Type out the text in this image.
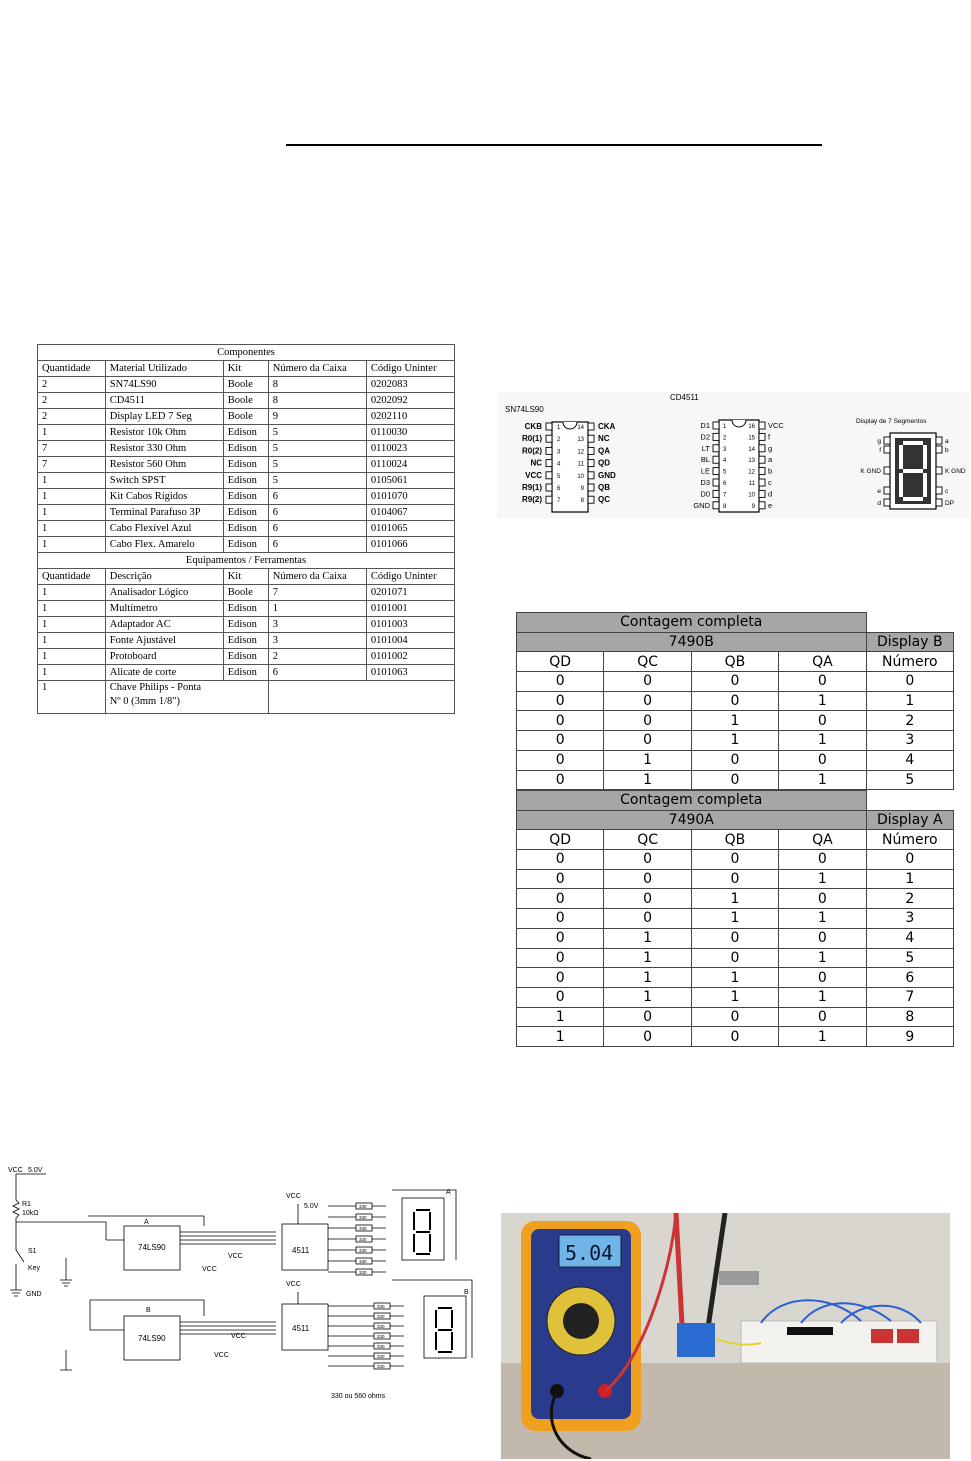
Componentes				
Quantidade	Material Utilizado	Kit	Número da Caixa	Código Uninter
2	SN74LS90	Boole	8	0202083
2	CD4511	Boole	8	0202092
2	Display LED 7 Seg	Boole	9	0202110
1	Resistor 10k Ohm	Edison	5	0110030
7	Resistor 330 Ohm	Edison	5	0110023
7	Resistor 560 Ohm	Edison	5	0110024
1	Switch SPST	Edison	5	0105061
1	Kit Cabos Rígidos	Edison	6	0101070
1	Terminal Parafuso 3P	Edison	6	0104067
1	Cabo Flexível Azul	Edison	6	0101065
1	Cabo Flex. Amarelo	Edison	6	0101066
Equipamentos / Ferramentas				
Quantidade	Descrição	Kit	Número da Caixa	Código Uninter
1	Analisador Lógico	Boole	7	0201071
1	Multímetro	Edison	1	0101001
1	Adaptador AC	Edison	3	0101003
1	Fonte Ajustável	Edison	3	0101004
1	Protoboard	Edison	2	0101002
1	Alicate de corte	Edison	6	0101063
1	Chave Philips - Ponta
Nº 0 (3mm 1/8")			

SN74LS90
CKB	1	14 CKA
R0(1)	2	13 NC
R0(2)	3	12 QA
NC	4	11 QD
VCC	5	10 GND
R9(1)	6	9 QB
R9(2)	7	8 QC
CD4511
D1 1	16 VCC
D2 2	15 f
LT 3	14 g
BL 4	13 a
LE 5	12 b
D3 6	11 c
D0 7	10 d
GND 8	9 e
Display de 7 Segmentos
g	a
f	b
K GND	K GND
e	c
d	DP
Contagem completa				
7490B				Display B
QD	QC	QB	QA	Número
0	0	0	0	0
0	0	0	1	1
0	0	1	0	2
0	0	1	1	3
0	1	0	0	4
0	1	0	1	5
Contagem completa				
7490A				Display A
QD	QC	QB	QA	Número
0	0	0	0	0
0	0	0	1	1
0	0	1	0	2
0	0	1	1	3
0	1	0	0	4
0	1	0	1	5
0	1	1	0	6
0	1	1	1	7
1	0	0	0	8
1	0	0	1	9
VCC 5.0V
R1
10kΩ
S1
Key
GND
VCC
5.0V
VCC
VCC
VCC
VCC
VCC
A
B
A
B
74LS90
74LS90
4511
4511
330 ou 560 ohms
330
330
330
330
330
330
330
330
330
330
330
330
330
330
5.04
